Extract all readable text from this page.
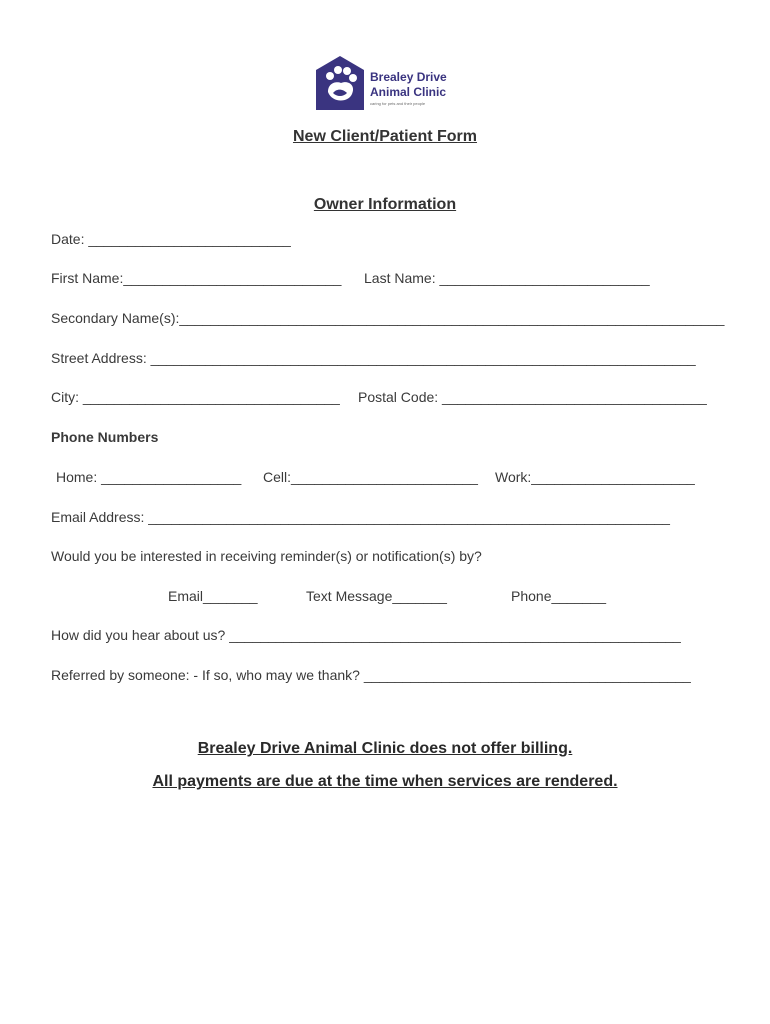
Brealey Drive
Animal Clinic
caring for pets and their people
New Client/Patient Form
Owner Information
Date: __________________________
First Name:____________________________ Last Name: ___________________________
Secondary Name(s):______________________________________________________________________
Street Address: ______________________________________________________________________
City: _________________________________ Postal Code: __________________________________
Phone Numbers
Home: __________________ Cell:________________________ Work:_____________________
Email Address: ___________________________________________________________________
Would you be interested in receiving reminder(s) or notification(s) by?
Email_______	Text Message_______	Phone_______
How did you hear about us? __________________________________________________________
Referred by someone: - If so, who may we thank? __________________________________________
Brealey Drive Animal Clinic does not offer billing.
All payments are due at the time when services are rendered.
